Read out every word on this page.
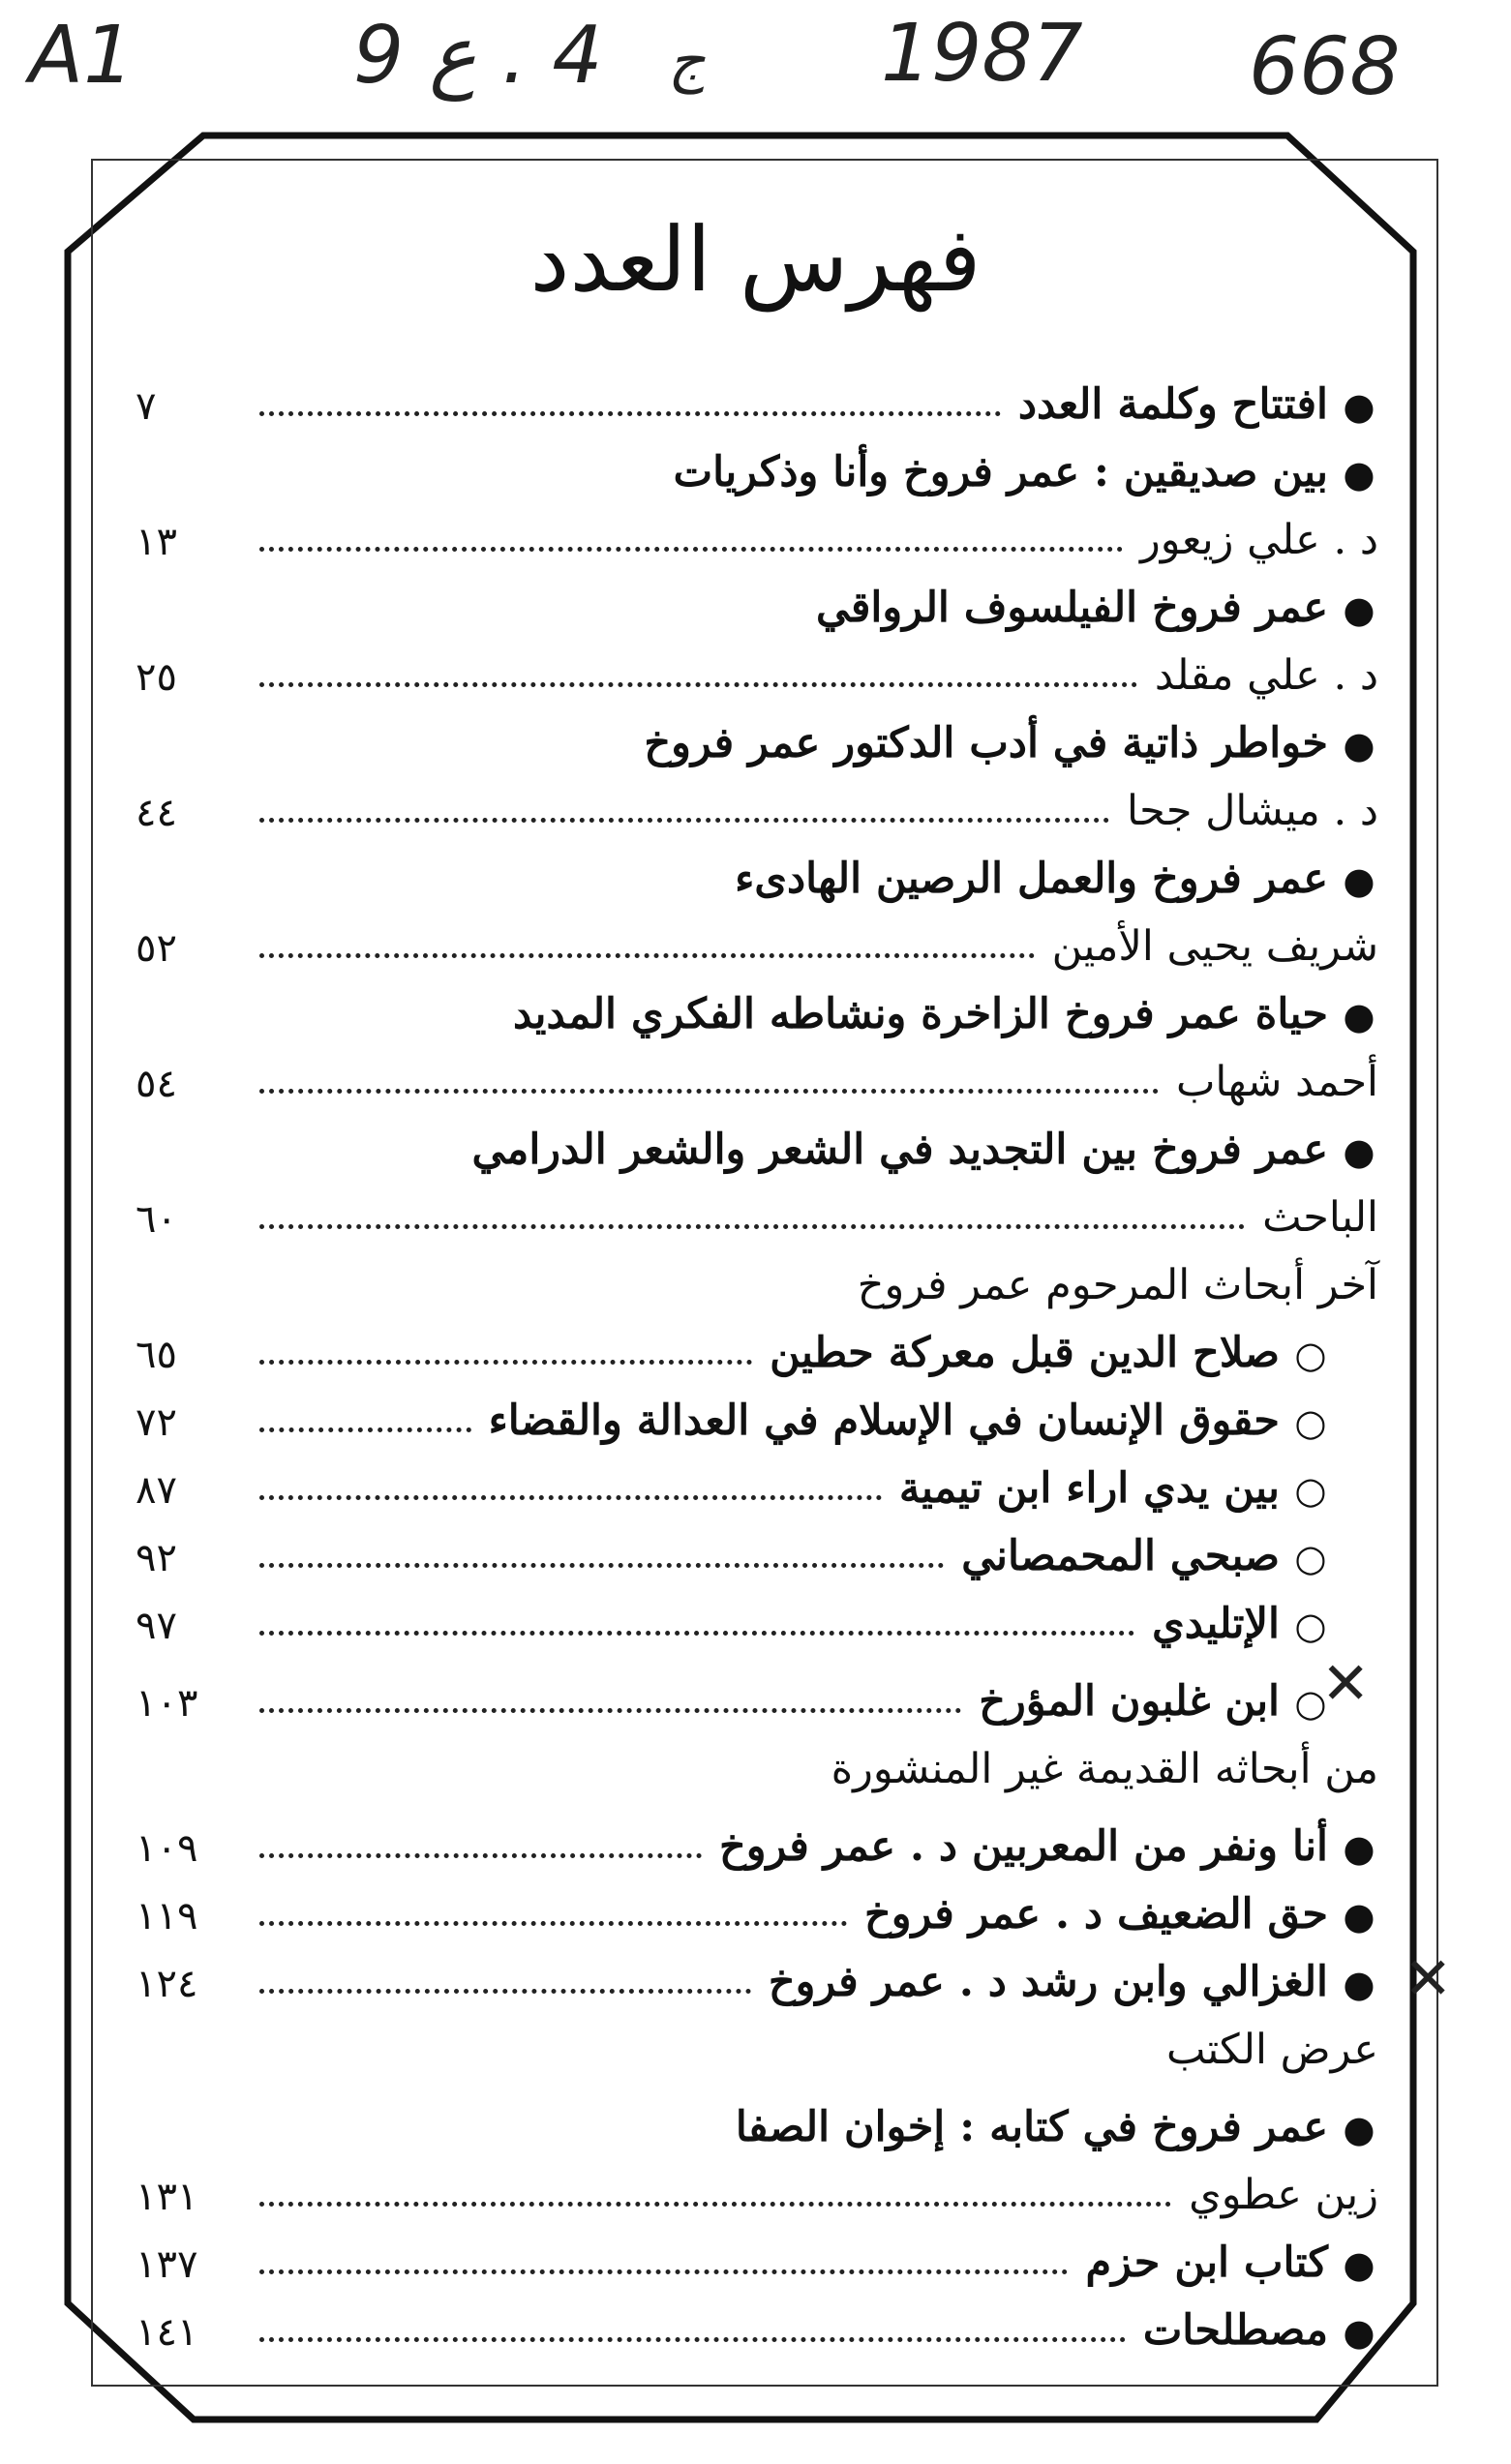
A1	4 . ع 9 ج 1987 668
فهرس العدد
●
افتتاح وكلمة العدد
٧
●
بين صديقين : عمر فروخ وأنا وذكريات
د . علي زيعور
١٣
●
عمر فروخ الفيلسوف الرواقي
د . علي مقلد
٢٥
●
خواطر ذاتية في أدب الدكتور عمر فروخ
د . ميشال جحا
٤٤
●
عمر فروخ والعمل الرصين الهادىء
شريف يحيى الأمين
٥٢
●
حياة عمر فروخ الزاخرة ونشاطه الفكري المديد
أحمد شهاب
٥٤
●
عمر فروخ بين التجديد في الشعر والشعر الدرامي
الباحث
٦٠
آخر أبحاث المرحوم عمر فروخ
○
صلاح الدين قبل معركة حطين
٦٥
○
حقوق الإنسان في الإسلام في العدالة والقضاء
٧٢
○
بين يدي اراء ابن تيمية
٨٧
○
صبحي المحمصاني
٩٢
○
الإتليدي
٩٧
○
ابن غلبون المؤرخ
١٠٣
من أبحاثه القديمة غير المنشورة
●
أنا ونفر من المعربين د . عمر فروخ
١٠٩
●
حق الضعيف د . عمر فروخ
١١٩
●
الغزالي وابن رشد د . عمر فروخ
١٢٤
عرض الكتب
●
عمر فروخ في كتابه : إخوان الصفا
زين عطوي
١٣١
●
كتاب ابن حزم
١٣٧
●
مصطلحات
١٤١
✕
✕
